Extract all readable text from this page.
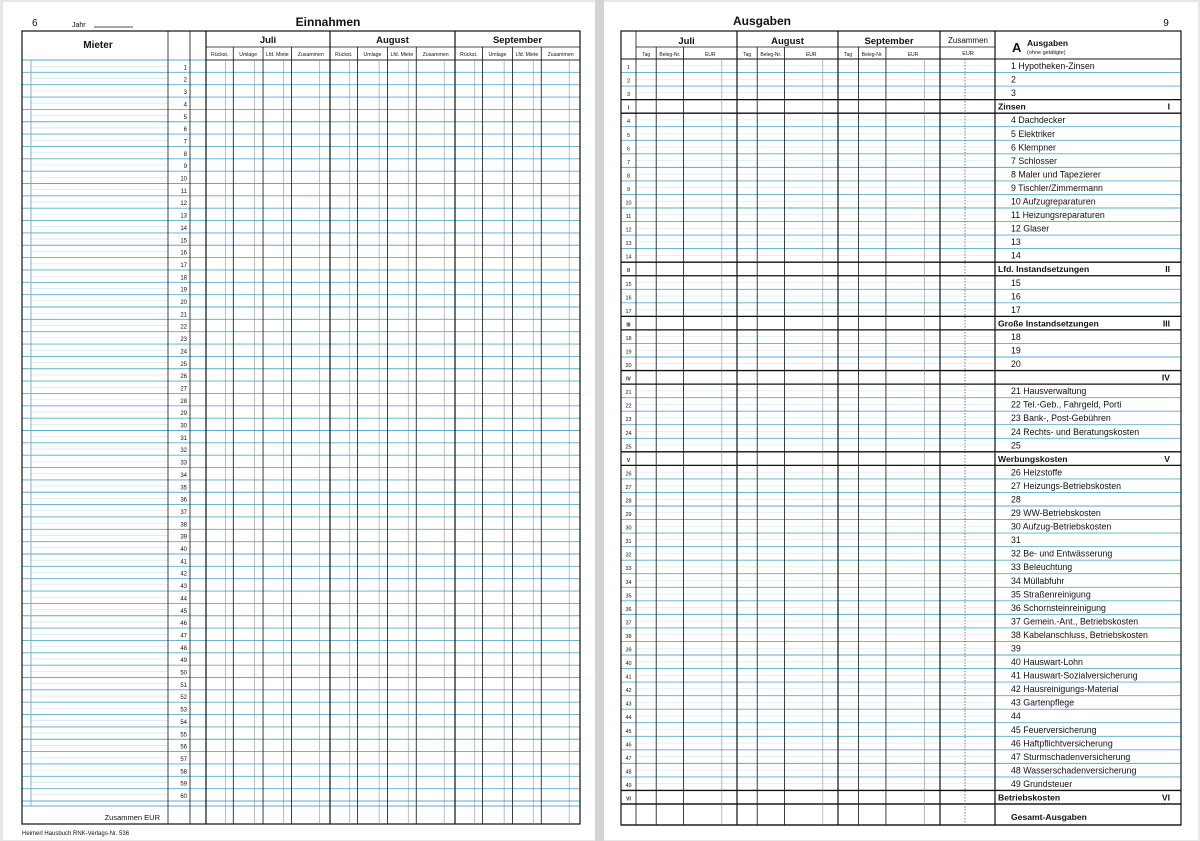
6	Jahr	Einnahmen
Mieter
Zusammen EUR
Heimerl Hausbuch RNK-Verlags-Nr. 536
Ausgaben	9
Zusammen
EUR	A Ausgaben
(ohne getätigte)
1
2
3
4
5
6
7
8
9
10
11
12
13
14
15
16
17
18
19
20
21
22
23
24
25
26
27
28
29
30
31
32
33
34
35
36
37
38
39
40
41
42
43
44
45
46
47
48
49
50
51
52
53
54
55
56
57
58
59
60
Juli
Rückst. Umlage Lfd. Miete Zusammen
August
Rückst. Umlage Lfd. Miete Zusammen
September
Rückst. Umlage Lfd. Miete Zusammen
1	1 Hypotheken-Zinsen
2	2
3	3
I	Zinsen	I
4	4 Dachdecker
5	5 Elektriker
6	6 Klempner
7	7 Schlosser
8	8 Maler und Tapezierer
9	9 Tischler/Zimmermann
10	10 Aufzugreparaturen
11	11 Heizungsreparaturen
12	12 Glaser
13	13
14	14
II	Lfd. Instandsetzungen	II
15	15
16	16
17	17
III	Große Instandsetzungen	III
18	18
19	19
20	20
IV	IV
21	21 Hausverwaltung
22	22 Tel.-Geb., Fahrgeld, Porti
23	23 Bank-, Post-Gebühren
24	24 Rechts- und Beratungskosten
25	25
V	Werbungskosten	V
26	26 Heizstoffe
27	27 Heizungs-Betriebskosten
28	28
29	29 WW-Betriebskosten
30	30 Aufzug-Betriebskosten
31	31
32	32 Be- und Entwässerung
33	33 Beleuchtung
34	34 Müllabfuhr
35	35 Straßenreinigung
36	36 Schornsteinreinigung
37	37 Gemein.-Ant., Betriebskosten
38	38 Kabelanschluss, Betriebskosten
39	39
40	40 Hauswart-Lohn
41	41 Hauswart-Sozialversicherung
42	42 Hausreinigungs-Material
43	43 Gartenpflege
44	44
45	45 Feuerversicherung
46	46 Haftpflichtversicherung
47	47 Sturmschadenversicherung
48	48 Wasserschadenversicherung
49	49 Grundsteuer
VI	Betriebskosten	VI
Gesamt-Ausgaben
Juli
Tag Beleg-Nr.	EUR
August
Tag Beleg-Nr.	EUR
September
Tag Beleg-Nr.	EUR
